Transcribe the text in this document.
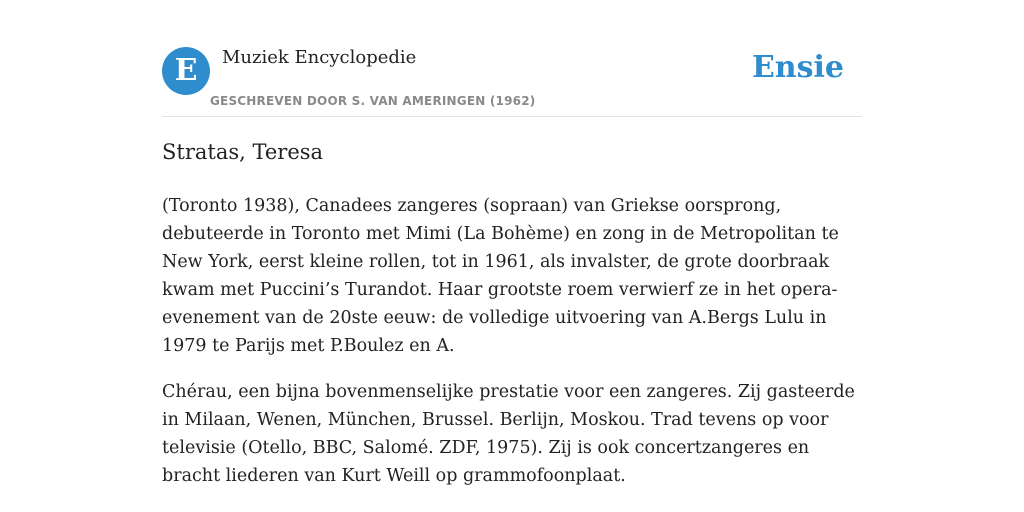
E	Muziek Encyclopedie
GESCHREVEN DOOR S. VAN AMERINGEN (1962)
Ensie
Stratas, Teresa

(Toronto 1938), Canadees zangeres (sopraan) van Griekse oorsprong, debuteerde in Toronto met Mimi (La Bohème) en zong in de Metropolitan te New York, eerst kleine rollen, tot in 1961, als invalster, de grote doorbraak kwam met Puccini’s Turandot. Haar grootste roem verwierf ze in het opera-evenement van de 20ste eeuw: de volledige uitvoering van A.Bergs Lulu in 1979 te Parijs met P.Boulez en A.

Chérau, een bijna bovenmenselijke prestatie voor een zangeres. Zij gasteerde in Milaan, Wenen, München, Brussel. Berlijn, Moskou. Trad tevens op voor televisie (Otello, BBC, Salomé. ZDF, 1975). Zij is ook concertzangeres en bracht liederen van Kurt Weill op grammofoonplaat.
